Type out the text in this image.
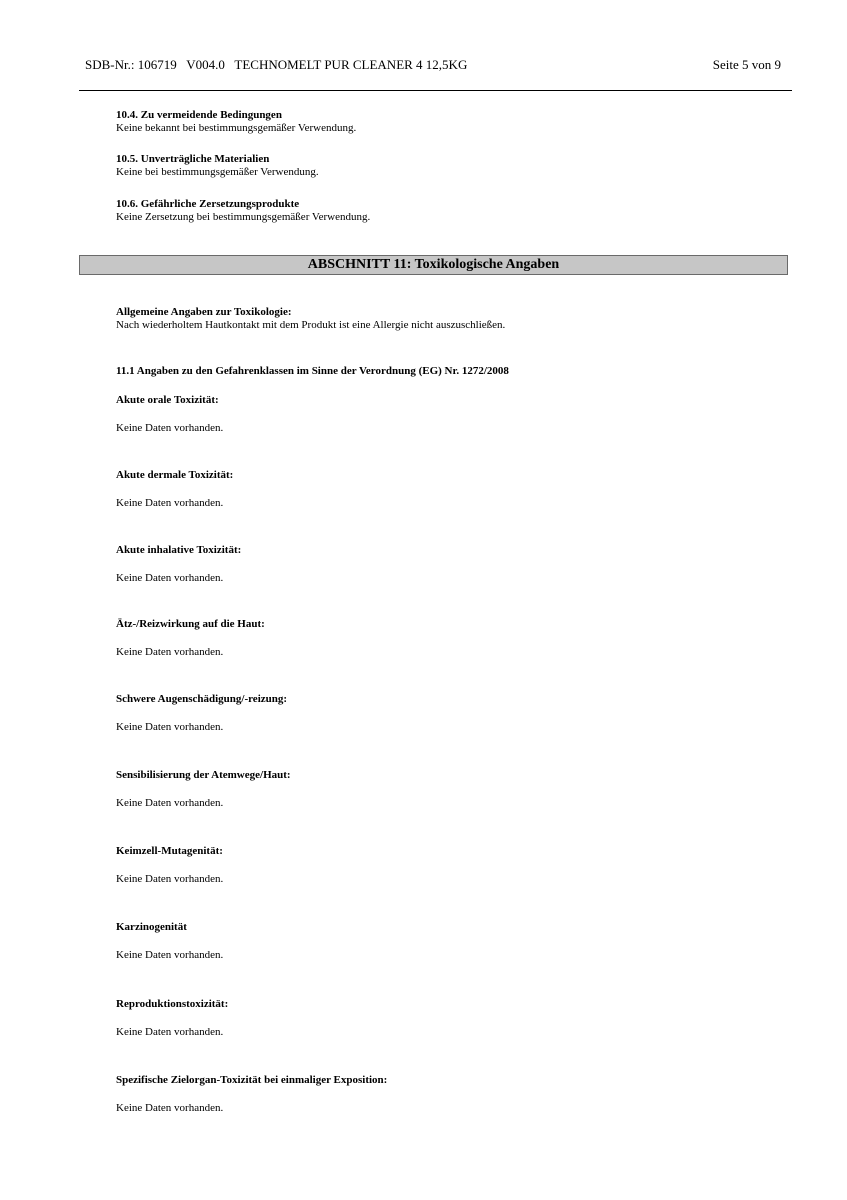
SDB-Nr.: 106719   V004.0   TECHNOMELT PUR CLEANER 4 12,5KG	Seite 5 von 9
10.4. Zu vermeidende Bedingungen
Keine bekannt bei bestimmungsgemäßer Verwendung.
10.5. Unverträgliche Materialien
Keine bei bestimmungsgemäßer Verwendung.
10.6. Gefährliche Zersetzungsprodukte
Keine Zersetzung bei bestimmungsgemäßer Verwendung.
ABSCHNITT 11: Toxikologische Angaben
Allgemeine Angaben zur Toxikologie:
Nach wiederholtem Hautkontakt mit dem Produkt ist eine Allergie nicht auszuschließen.
11.1 Angaben zu den Gefahrenklassen im Sinne der Verordnung (EG) Nr. 1272/2008
Akute orale Toxizität:
Keine Daten vorhanden.
Akute dermale Toxizität:
Keine Daten vorhanden.
Akute inhalative Toxizität:
Keine Daten vorhanden.
Ätz-/Reizwirkung auf die Haut:
Keine Daten vorhanden.
Schwere Augenschädigung/-reizung:
Keine Daten vorhanden.
Sensibilisierung der Atemwege/Haut:
Keine Daten vorhanden.
Keimzell-Mutagenität:
Keine Daten vorhanden.
Karzinogenität
Keine Daten vorhanden.
Reproduktionstoxizität:
Keine Daten vorhanden.
Spezifische Zielorgan-Toxizität bei einmaliger Exposition:
Keine Daten vorhanden.
